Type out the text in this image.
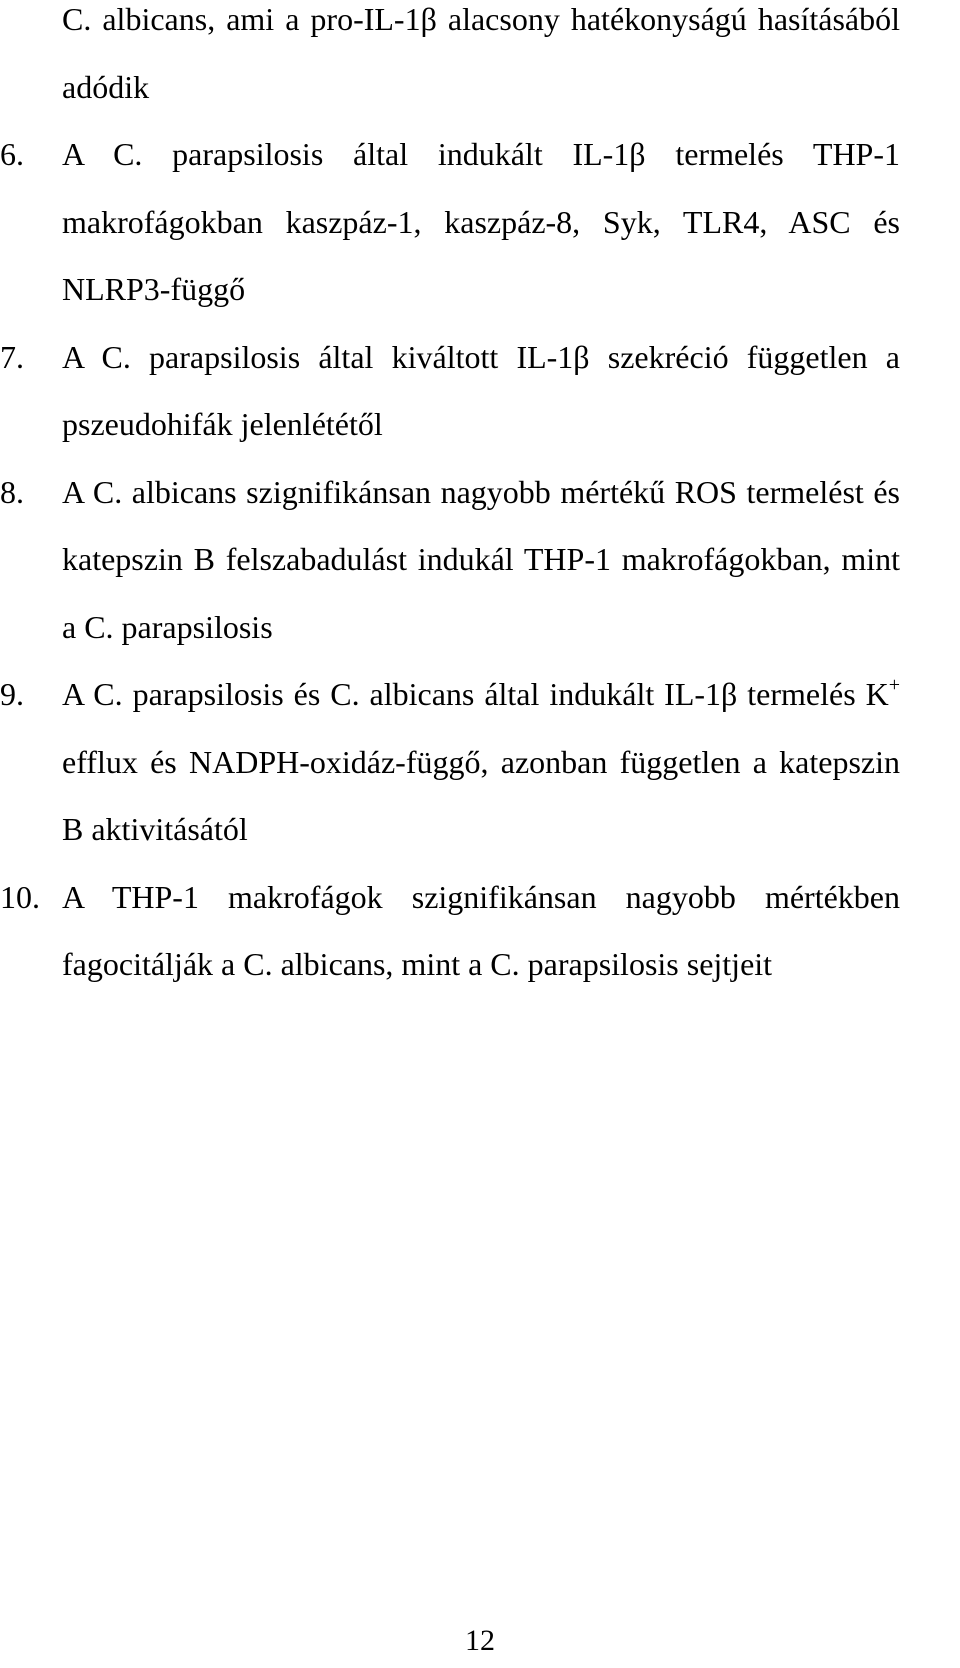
C. albicans, ami a pro-IL-1β alacsony hatékonyságú hasításából adódik
6.	A C. parapsilosis által indukált IL-1β termelés THP-1 makrofágokban kaszpáz-1, kaszpáz-8, Syk, TLR4, ASC és NLRP3-függő
7.	A C. parapsilosis által kiváltott IL-1β szekréció független a pszeudohifák jelenlététől
8.	A C. albicans szignifikánsan nagyobb mértékű ROS termelést és katepszin B felszabadulást indukál THP-1 makrofágokban, mint a C. parapsilosis
9.	A C. parapsilosis és C. albicans által indukált IL-1β termelés K+ efflux és NADPH-oxidáz-függő, azonban független a katepszin B aktivitásától
10. A THP-1 makrofágok szignifikánsan nagyobb mértékben fagocitálják a C. albicans, mint a C. parapsilosis sejtjeit
12
